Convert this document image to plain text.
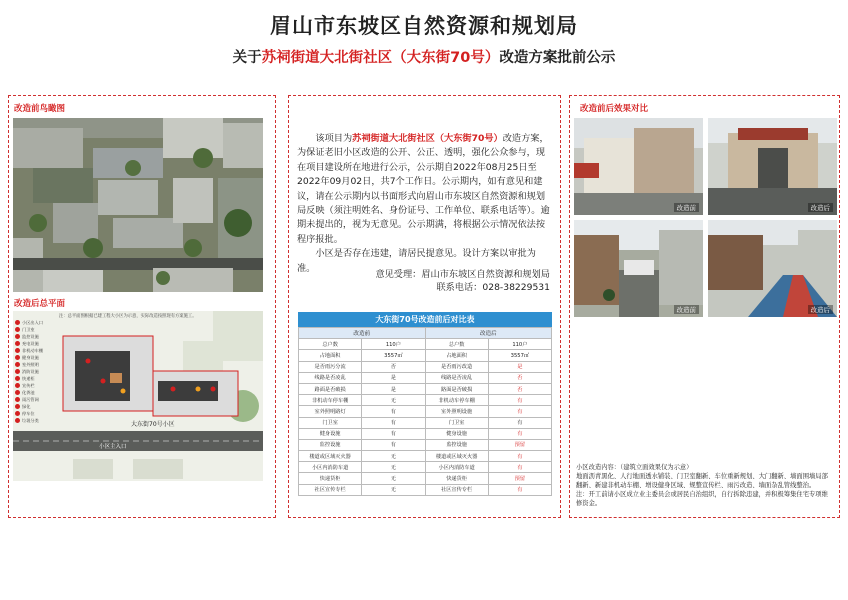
眉山市东坡区自然资源和规划局
关于苏祠街道大北街社区（大东街70号）改造方案批前公示
改造前鸟瞰图
改造后总平面
注：总平面图根据已建工程大小区为示意，实际改造按照现有方案施工。
大东街70号小区
小区主入口
小区出入口
门卫室
监控设施
充电设施
非机动车棚
健身设施
室外照明
消防设施
快递柜
宣传栏
化粪池
雨污管网
绿化
停车位
垃圾分类

该项目为苏祠街道大北街社区（大东街70号）改造方案，为保证老旧小区改造的公开、公正、透明，强化公众参与，现在项目建设所在地进行公示，公示期自2022年08月25日至2022年09月02日，共7个工作日。公示期内，如有意见和建议，请在公示期内以书面形式向眉山市东坡区自然资源和规划局反映（须注明姓名、身份证号、工作单位、联系电话等）。逾期未提出的，视为无意见。公示期满，将根据公示情况依法按程序报批。

小区是否存在违建，请居民提意见。设计方案以审批为准。

意见受理：眉山市东坡区自然资源和规划局
联系电话：028-38229531
大东街70号改造前后对比表
改造前		改造后	
总户数	110户	总户数	110户
占地面积	3557㎡	占地面积	3557㎡
是否雨污分流	否	是否雨污改造	是
线路是否凌乱	是	线路是否凌乱	否
路面是否破损	是	路面是否破损	否
非机动车停车棚	无	非机动车停车棚	有
室外照明路灯	有	室外照明设施	有
门卫室	有	门卫室	有
健身设施	有	健身设施	有
监控设施	有	监控设施	预留
楼道或区域灭火器	无	楼道或区域灭火器	有
小区内消防车道	无	小区内消防车道	有
快递货柜	无	快递货柜	预留
社区宣传专栏	无	社区宣传专栏	有
改造前后效果对比
改造前	改造后
改造前	改造后
小区改造内容：（建筑立面效果仅为示意）
地面沥青黑化、人行地面透水铺装、门卫室翻新、车位重新规划、大门翻新、墙面围墙局部翻新、新建非机动车棚、增设健身区域、规整宣传栏、雨污改造、墙面杂乱管线整治。
注：开工前请小区成立业主委员会或居民自治组织，自行拆除违建，并积极筹集住宅专项维修资金。
